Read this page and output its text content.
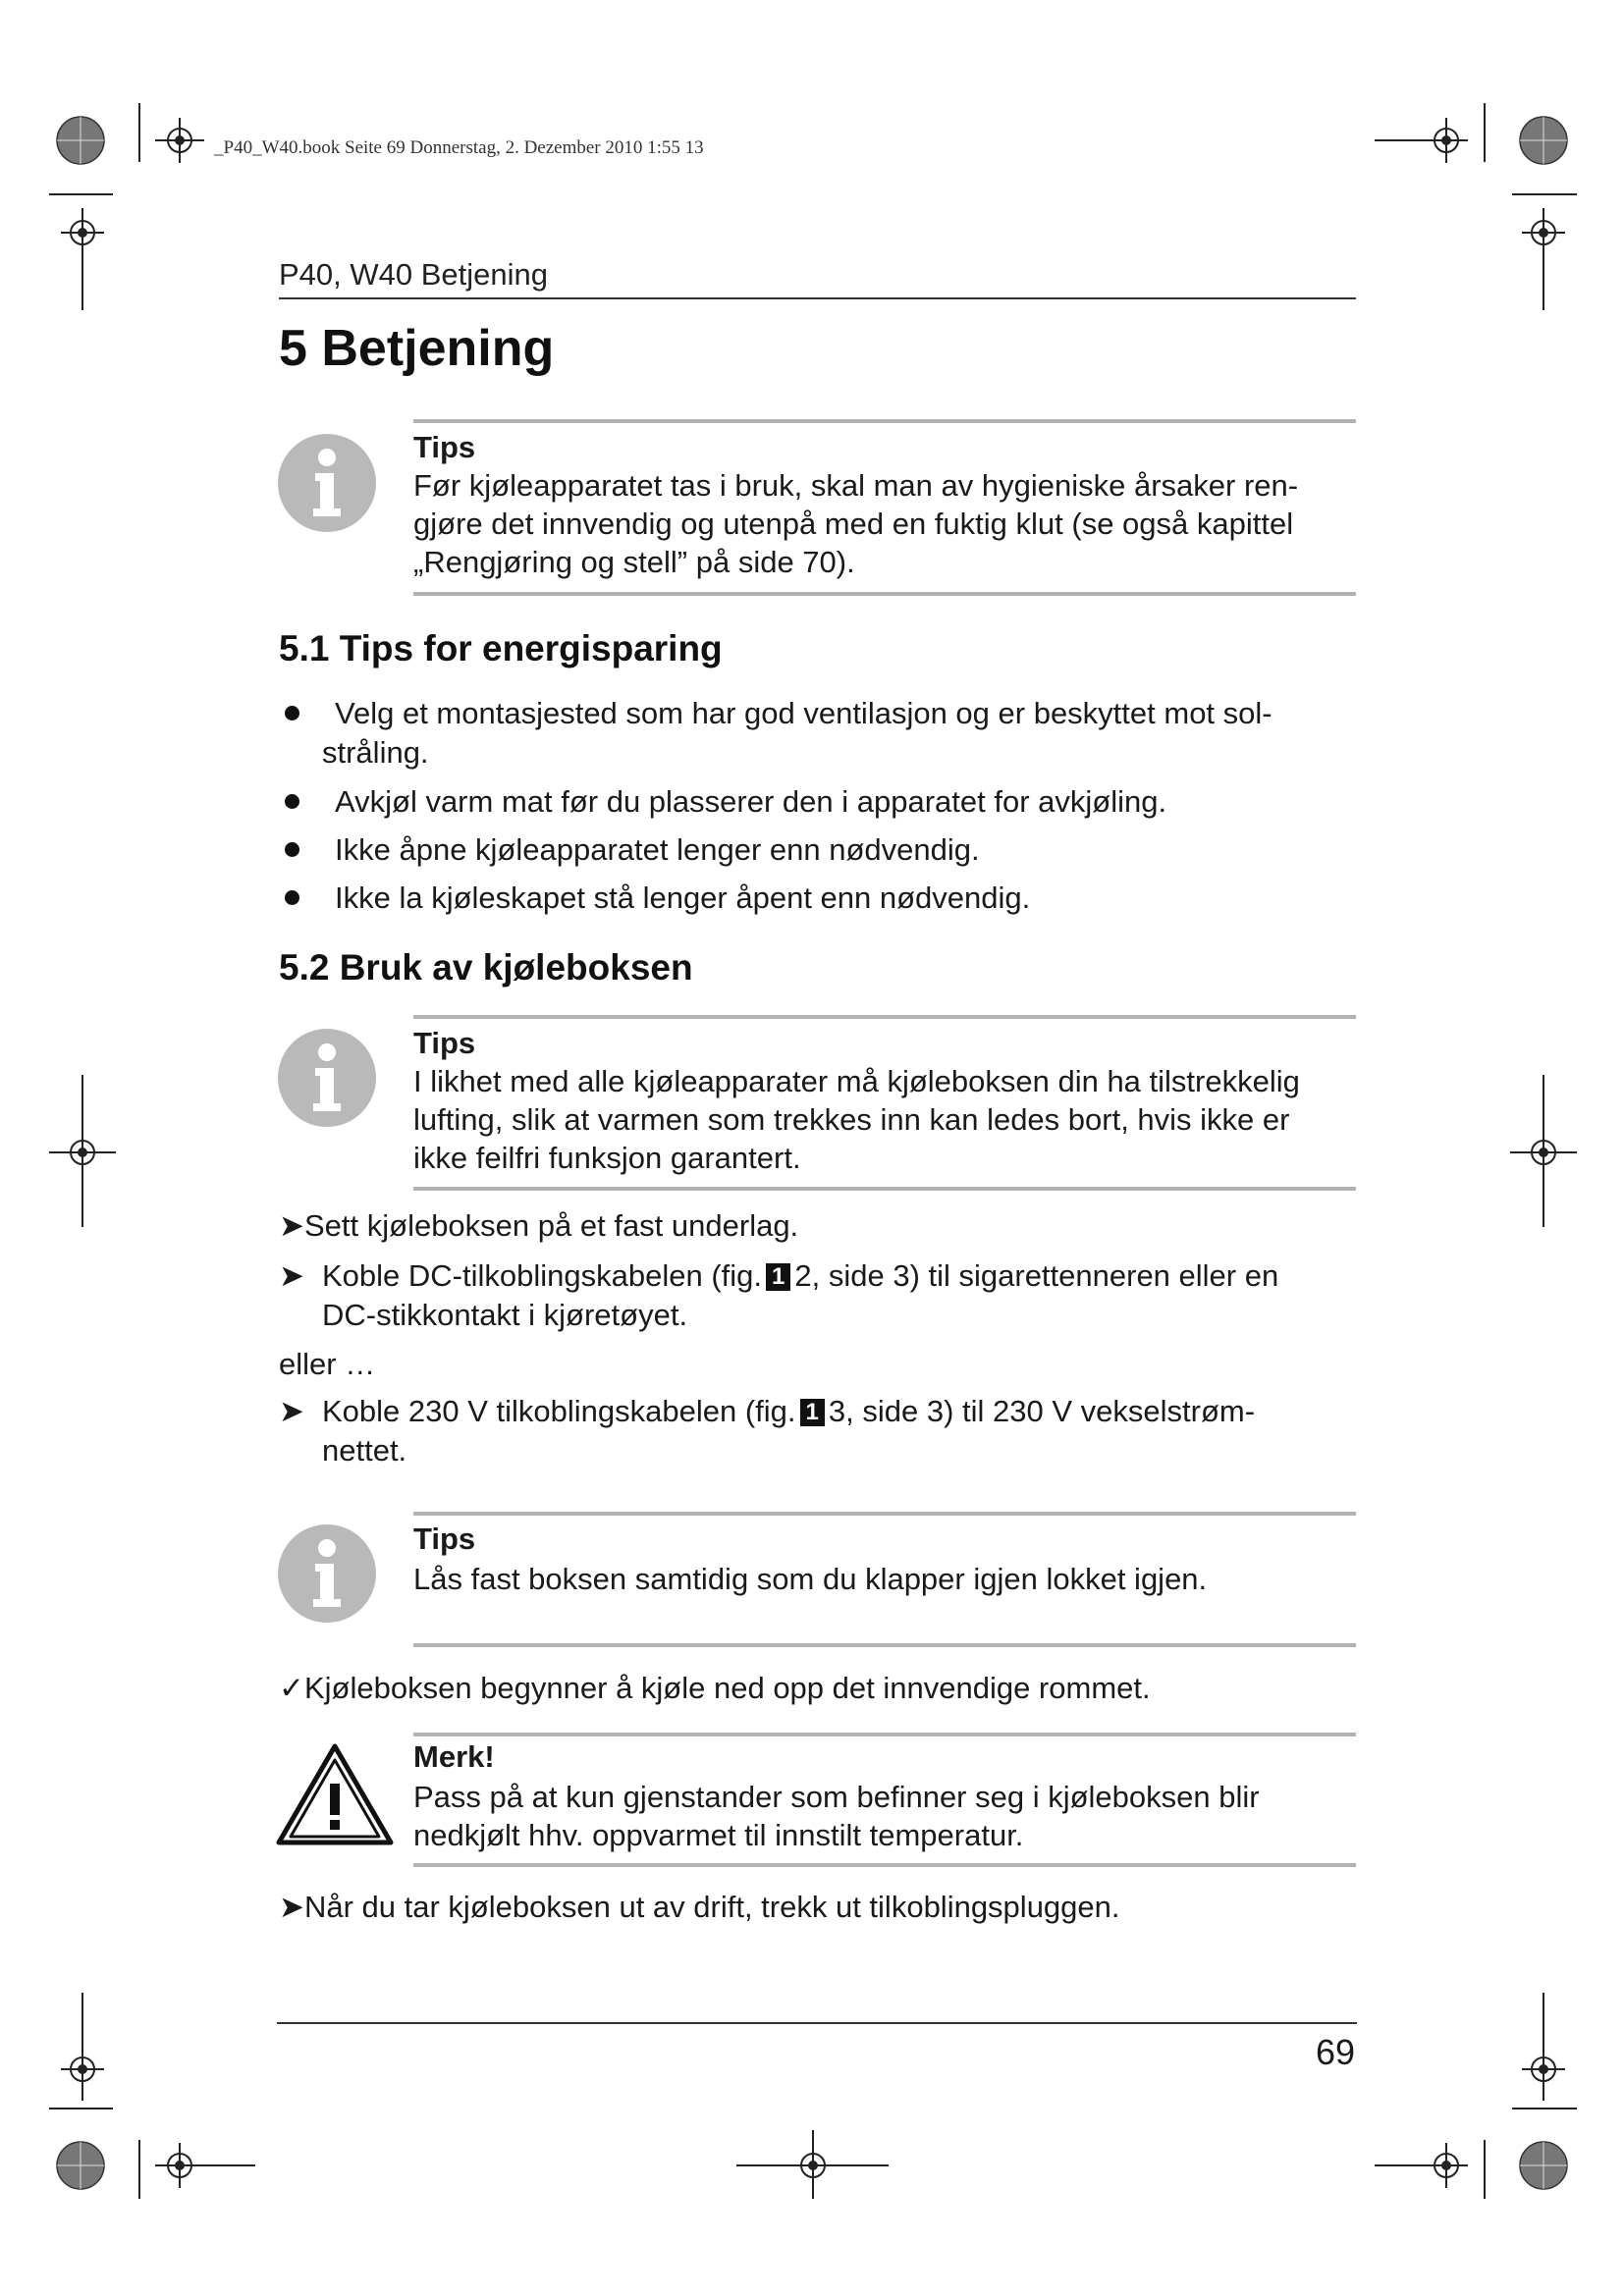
_P40_W40.book Seite 69 Donnerstag, 2. Dezember 2010 1:55 13
P40, W40 Betjening
5 Betjening
Tips
Før kjøleapparatet tas i bruk, skal man av hygieniske årsaker ren-
gjøre det innvendig og utenpå med en fuktig klut (se også kapittel
„Rengjøring og stell” på side 70).
5.1 Tips for energisparing
Velg et montasjested som har god ventilasjon og er beskyttet mot sol-
stråling.
Avkjøl varm mat før du plasserer den i apparatet for avkjøling.
Ikke åpne kjøleapparatet lenger enn nødvendig.
Ikke la kjøleskapet stå lenger åpent enn nødvendig.
5.2 Bruk av kjøleboksen
Tips
I likhet med alle kjøleapparater må kjøleboksen din ha tilstrekkelig
lufting, slik at varmen som trekkes inn kan ledes bort, hvis ikke er
ikke feilfri funksjon garantert.
➤Sett kjøleboksen på et fast underlag.
➤ Koble DC-tilkoblingskabelen (fig. 1 2, side 3) til sigarettenneren eller en
DC-stikkontakt i kjøretøyet.
eller …
➤ Koble 230 V tilkoblingskabelen (fig. 1 3, side 3) til 230 V vekselstrøm-
nettet.
Tips
Lås fast boksen samtidig som du klapper igjen lokket igjen.
✓Kjøleboksen begynner å kjøle ned opp det innvendige rommet.
Merk!
Pass på at kun gjenstander som befinner seg i kjøleboksen blir
nedkjølt hhv. oppvarmet til innstilt temperatur.
➤Når du tar kjøleboksen ut av drift, trekk ut tilkoblingspluggen.
69
